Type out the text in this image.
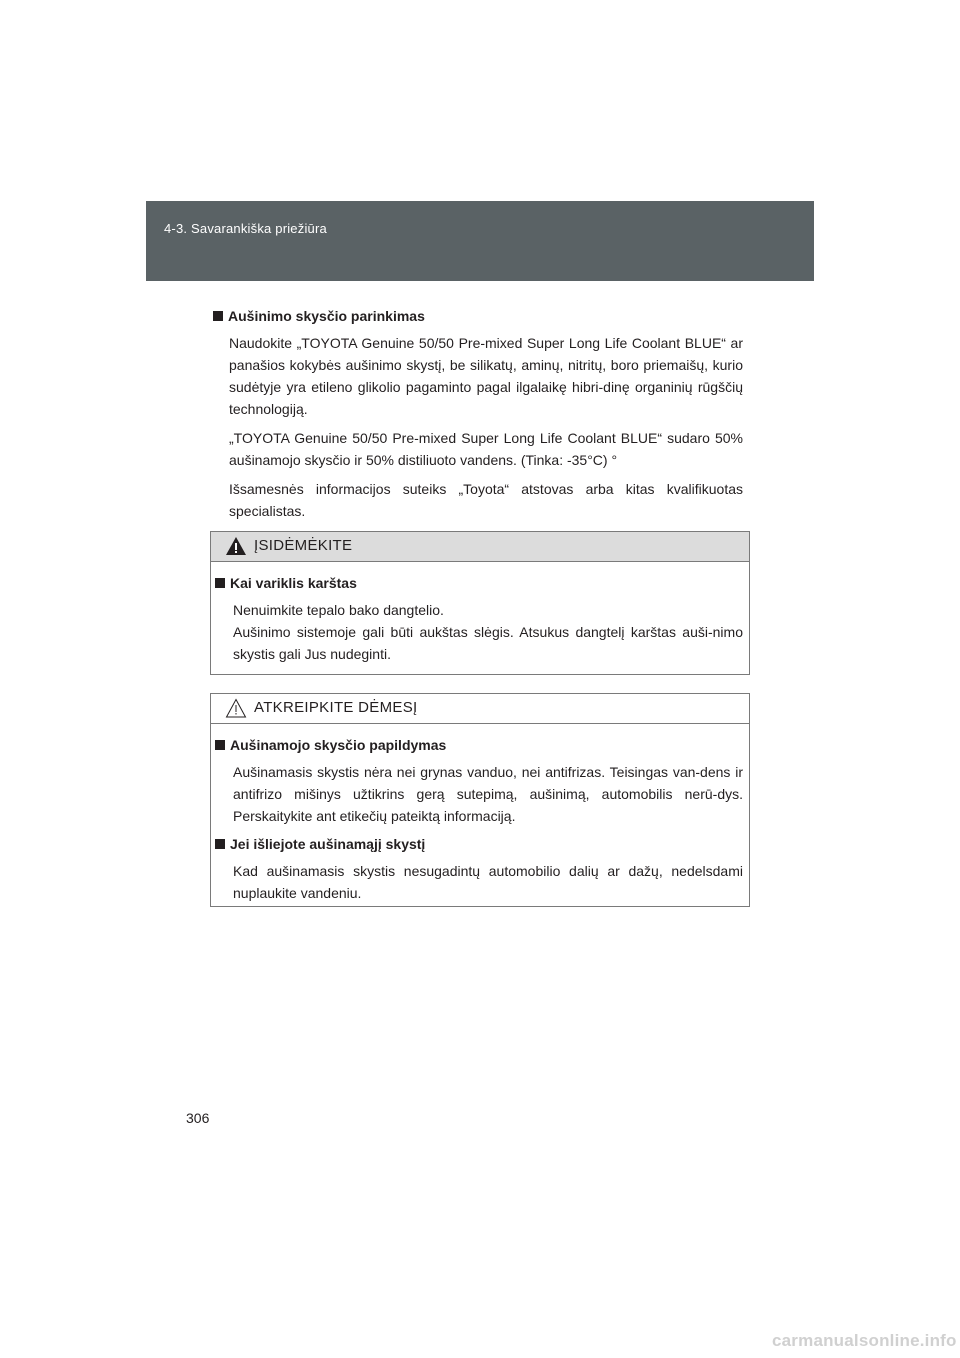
4-3. Savarankiška priežiūra
Aušinimo skysčio parinkimas

Naudokite „TOYOTA Genuine 50/50 Pre-mixed Super Long Life Coolant BLUE“ ar panašios kokybės aušinimo skystį, be silikatų, aminų, nitritų, boro priemaišų, kurio sudėtyje yra etileno glikolio pagaminto pagal ilgalaikę hibri-dinę organinių rūgščių technologiją.

„TOYOTA Genuine 50/50 Pre-mixed Super Long Life Coolant BLUE“ sudaro 50% aušinamojo skysčio ir 50% distiliuoto vandens. (Tinka: -35°C) °

Išsamesnės informacijos suteiks „Toyota“ atstovas arba kitas kvalifikuotas specialistas.

ĮSIDĖMĖKITE
Kai variklis karštas

Nenuimkite tepalo bako dangtelio.

Aušinimo sistemoje gali būti aukštas slėgis. Atsukus dangtelį karštas auši-nimo skystis gali Jus nudeginti.

ATKREIPKITE DĖMESĮ
Aušinamojo skysčio papildymas

Aušinamasis skystis nėra nei grynas vanduo, nei antifrizas. Teisingas van-dens ir antifrizo mišinys užtikrins gerą sutepimą, aušinimą, automobilis nerū-dys. Perskaitykite ant etikečių pateiktą informaciją.

Jei išliejote aušinamąjį skystį

Kad aušinamasis skystis nesugadintų automobilio dalių ar dažų, nedelsdami nuplaukite vandeniu.

306
carmanualsonline.info
